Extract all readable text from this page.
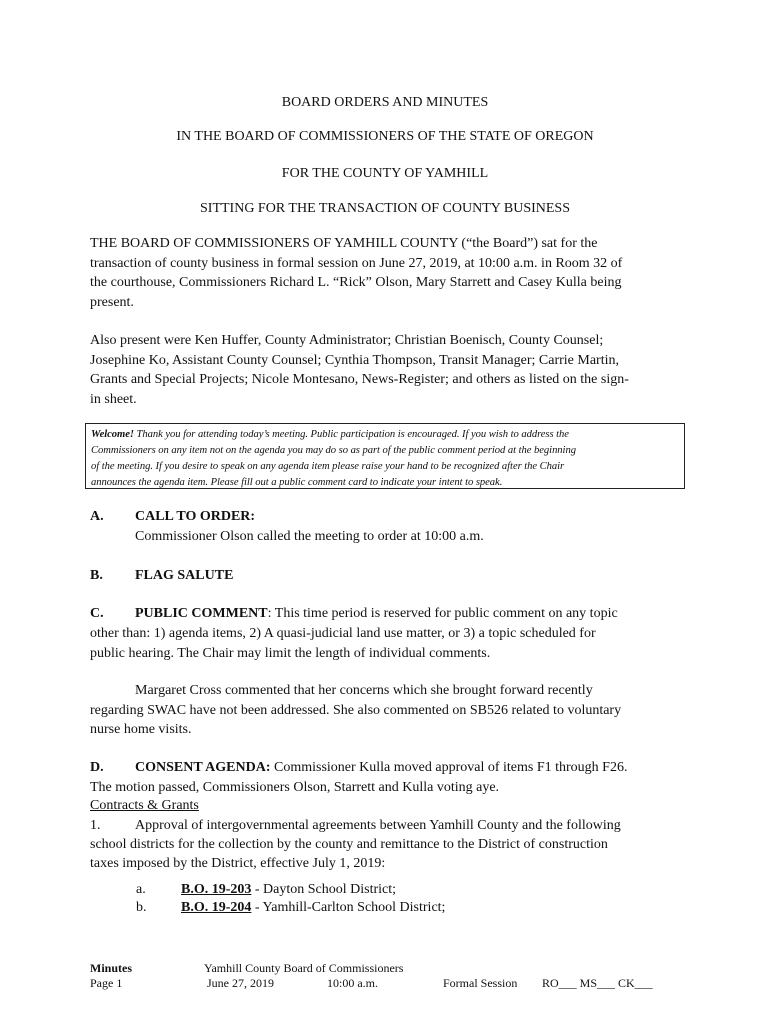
BOARD ORDERS AND MINUTES
IN THE BOARD OF COMMISSIONERS OF THE STATE OF OREGON
FOR THE COUNTY OF YAMHILL
SITTING FOR THE TRANSACTION OF COUNTY BUSINESS
THE BOARD OF COMMISSIONERS OF YAMHILL COUNTY (“the Board”) sat for the
transaction of county business in formal session on June 27, 2019, at 10:00 a.m. in Room 32 of
the courthouse, Commissioners Richard L. “Rick” Olson, Mary Starrett and Casey Kulla being
present.
Also present were Ken Huffer, County Administrator; Christian Boenisch, County Counsel;
Josephine Ko, Assistant County Counsel; Cynthia Thompson, Transit Manager; Carrie Martin,
Grants and Special Projects; Nicole Montesano, News-Register; and others as listed on the sign-
in sheet.
Welcome! Thank you for attending today’s meeting. Public participation is encouraged. If you wish to address the
Commissioners on any item not on the agenda you may do so as part of the public comment period at the beginning
of the meeting. If you desire to speak on any agenda item please raise your hand to be recognized after the Chair
announces the agenda item. Please fill out a public comment card to indicate your intent to speak.
A. CALL TO ORDER:
Commissioner Olson called the meeting to order at 10:00 a.m.
B. FLAG SALUTE
C. PUBLIC COMMENT: This time period is reserved for public comment on any topic
other than: 1) agenda items, 2) A quasi-judicial land use matter, or 3) a topic scheduled for
public hearing. The Chair may limit the length of individual comments.
Margaret Cross commented that her concerns which she brought forward recently
regarding SWAC have not been addressed. She also commented on SB526 related to voluntary
nurse home visits.
D. CONSENT AGENDA: Commissioner Kulla moved approval of items F1 through F26.
The motion passed, Commissioners Olson, Starrett and Kulla voting aye.
Contracts & Grants
1. Approval of intergovernmental agreements between Yamhill County and the following
school districts for the collection by the county and remittance to the District of construction
taxes imposed by the District, effective July 1, 2019:
a.	B.O. 19-203 - Dayton School District;
b. B.O. 19-204 - Yamhill-Carlton School District;
Minutes
Page 1
Yamhill County Board of Commissioners
June 27, 2019	10:00 a.m.	Formal Session RO___ MS___ CK___
